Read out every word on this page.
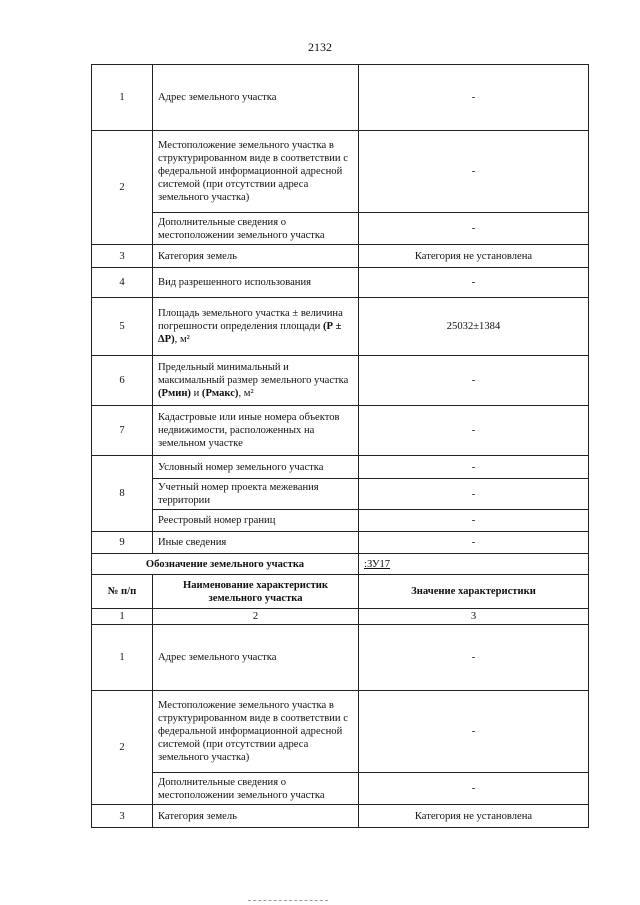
2132
1	Адрес земельного участка	-
2	Местоположение земельного участка в структурированном виде в соответствии с федеральной информационной адресной системой (при отсутствии адреса земельного участка)	-
	Дополнительные сведения о местоположении земельного участка	-
3	Категория земель	Категория не установлена
4	Вид разрешенного использования	-
5	Площадь земельного участка ± величина погрешности определения площади (Р ± ΔР), м²	25032±1384
6	Предельный минимальный и максимальный размер земельного участка (Рмин) и (Рмакс), м²	-
7	Кадастровые или иные номера объектов недвижимости, расположенных на земельном участке	-
8	Условный номер земельного участка	-
	Учетный номер проекта межевания территории	-
	Реестровый номер границ	-
9	Иные сведения	-
Обозначение земельного участка		:ЗУ17
№ п/п	Наименование характеристик земельного участка	Значение характеристики
1	2	3
1	Адрес земельного участка	-
2	Местоположение земельного участка в структурированном виде в соответствии с федеральной информационной адресной системой (при отсутствии адреса земельного участка)	-
	Дополнительные сведения о местоположении земельного участка	-
3	Категория земель	Категория не установлена
